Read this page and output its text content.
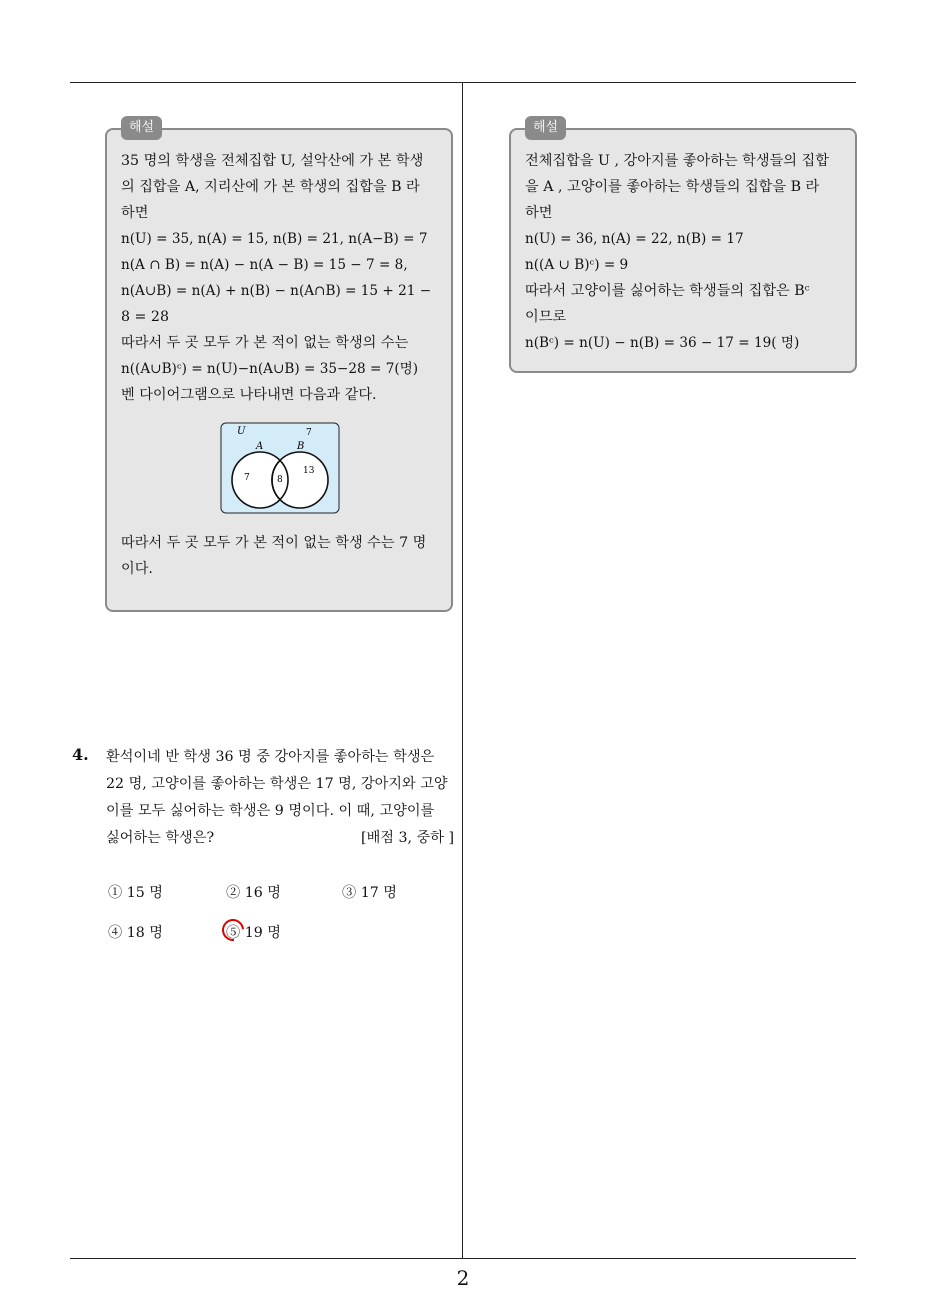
해설

35 명의 학생을 전체집합 U, 설악산에 가 본 학생

의 집합을 A, 지리산에 가 본 학생의 집합을 B 라

하면

n(U) = 35, n(A) = 15, n(B) = 21, n(A−B) = 7

n(A ∩ B) = n(A) − n(A − B) = 15 − 7 = 8,

n(A∪B) = n(A) + n(B) − n(A∩B) = 15 + 21 −

8 = 28

따라서 두 곳 모두 가 본 적이 없는 학생의 수는

n((A∪B)ᶜ) = n(U)−n(A∪B) = 35−28 = 7(명)

벤 다이어그램으로 나타내면 다음과 같다.

U
A	B
7
7	8
13

따라서 두 곳 모두 가 본 적이 없는 학생 수는 7 명

이다.

해설

전체집합을 U , 강아지를 좋아하는 학생들의 집합

을 A , 고양이를 좋아하는 학생들의 집합을 B 라

하면

n(U) = 36, n(A) = 22, n(B) = 17

n((A ∪ B)ᶜ) = 9

따라서 고양이를 싫어하는 학생들의 집합은 Bᶜ

이므로

n(Bᶜ) = n(U) − n(B) = 36 − 17 = 19( 명)

4. 환석이네 반 학생 36 명 중 강아지를 좋아하는 학생은
22 명, 고양이를 좋아하는 학생은 17 명, 강아지와 고양
이를 모두 싫어하는 학생은 9 명이다. 이 때, 고양이를
싫어하는 학생은?	[배점 3, 중하 ]
① 15 명	② 16 명	③ 17 명
④ 18 명	⑤ 19 명
2
